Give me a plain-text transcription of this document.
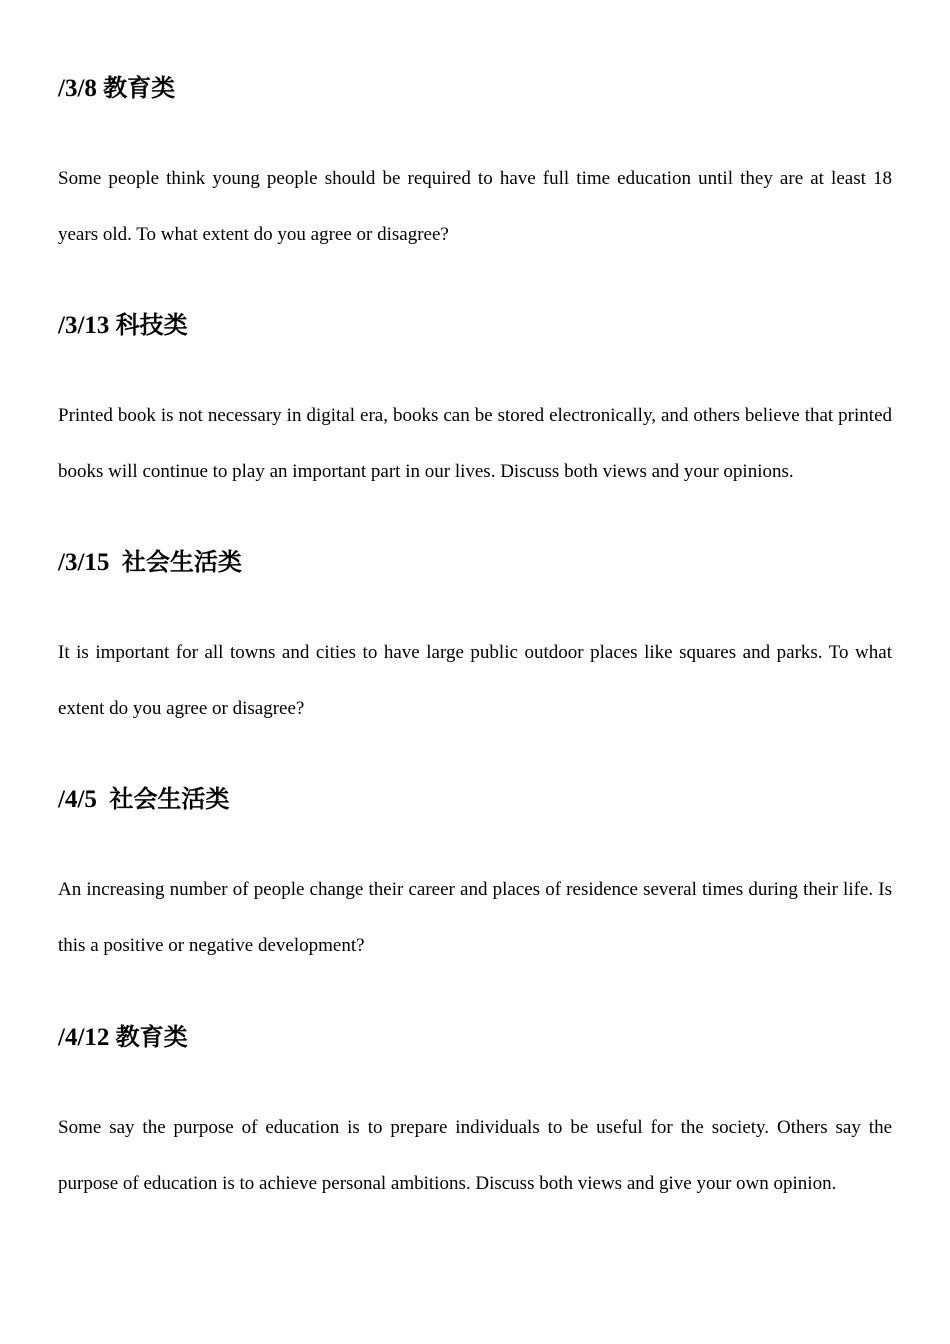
/3/8 教育类

Some people think young people should be required to have full time education until they are at least 18 years old. To what extent do you agree or disagree?

/3/13 科技类

Printed book is not necessary in digital era, books can be stored electronically, and others believe that printed books will continue to play an important part in our lives. Discuss both views and your opinions.

/3/15  社会生活类

It is important for all towns and cities to have large public outdoor places like squares and parks. To what extent do you agree or disagree?

/4/5  社会生活类

An increasing number of people change their career and places of residence several times during their life. Is this a positive or negative development?

/4/12 教育类

Some say the purpose of education is to prepare individuals to be useful for the society. Others say the purpose of education is to achieve personal ambitions. Discuss both views and give your own opinion.
